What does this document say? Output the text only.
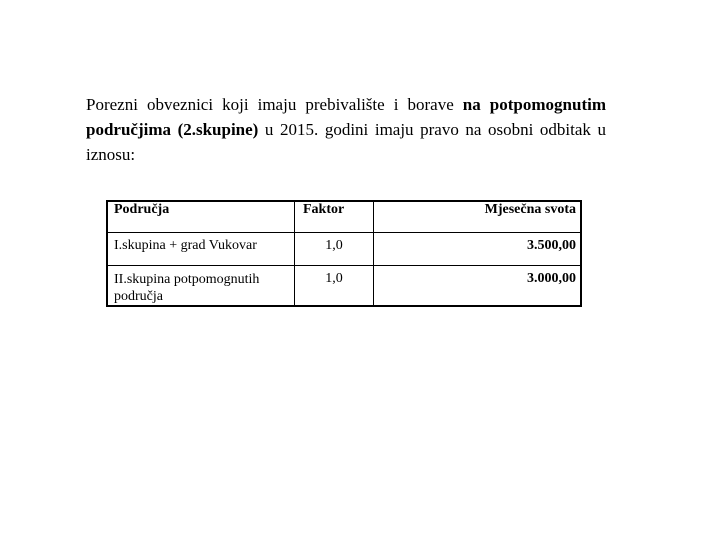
Porezni obveznici koji imaju prebivalište i borave na potpomognutim područjima (2.skupine) u 2015. godini imaju pravo na osobni odbitak u iznosu:

Područja	Faktor	Mjesečna svota

I.skupina + grad Vukovar	1,0	3.500,00

II.skupina potpomognutih područja	1,0	3.000,00
